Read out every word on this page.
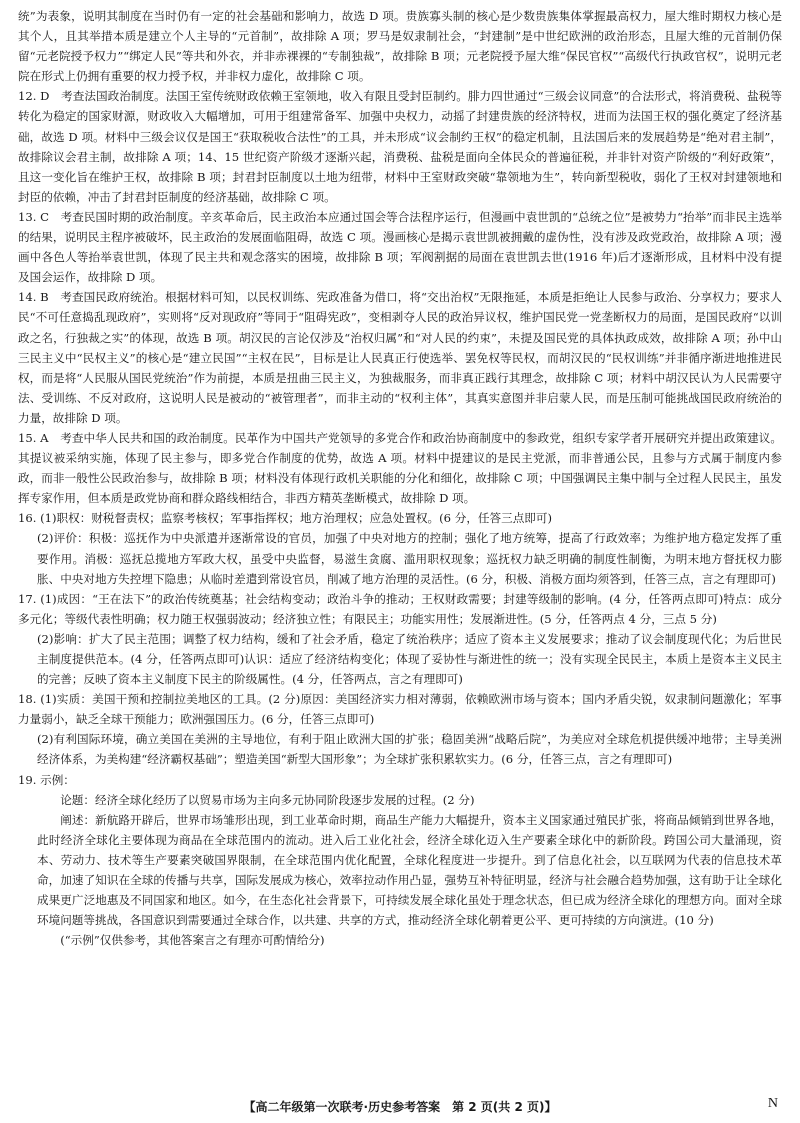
统”为表象，说明其制度在当时仍有一定的社会基础和影响力，故选 D 项。贵族寡头制的核心是少数贵族集体掌握最高权力，屋大维时期权力核心是其个人，且其举措本质是建立个人主导的“元首制”，故排除 A 项；罗马是奴隶制社会，“封建制”是中世纪欧洲的政治形态，且屋大维的元首制仍保留“元老院授予权力”“绑定人民”等共和外衣，并非赤裸裸的“专制独裁”，故排除 B 项；元老院授予屋大维“保民官权”“高级代行执政官权”，说明元老院在形式上仍拥有重要的权力授予权，并非权力虚化，故排除 C 项。

12. D　考查法国政治制度。法国王室传统财政依赖王室领地，收入有限且受封臣制约。腓力四世通过“三级会议同意”的合法形式，将消费税、盐税等转化为稳定的国家财源，财政收入大幅增加，可用于组建常备军、加强中央权力，动摇了封建贵族的经济特权，进而为法国王权的强化奠定了经济基础，故选 D 项。材料中三级会议仅是国王“获取税收合法性”的工具，并未形成“议会制约王权”的稳定机制，且法国后来的发展趋势是“绝对君主制”，故排除议会君主制，故排除 A 项；14、15 世纪资产阶级才逐渐兴起，消费税、盐税是面向全体民众的普遍征税，并非针对资产阶级的“利好政策”，且这一变化旨在维护王权，故排除 B 项；封君封臣制度以土地为纽带，材料中王室财政突破“靠领地为生”，转向新型税收，弱化了王权对封建领地和封臣的依赖，冲击了封君封臣制度的经济基础，故排除 C 项。

13. C　考查民国时期的政治制度。辛亥革命后，民主政治本应通过国会等合法程序运行，但漫画中袁世凯的“总统之位”是被势力“抬举”而非民主选举的结果，说明民主程序被破坏，民主政治的发展面临阻碍，故选 C 项。漫画核心是揭示袁世凯被拥戴的虚伪性，没有涉及政党政治，故排除 A 项；漫画中各色人等抬举袁世凯，体现了民主共和观念落实的困境，故排除 B 项；军阀割据的局面在袁世凯去世(1916 年)后才逐渐形成，且材料中没有提及国会运作，故排除 D 项。

14. B　考查国民政府统治。根据材料可知，以民权训练、宪政准备为借口，将“交出治权”无限拖延，本质是拒绝让人民参与政治、分享权力；要求人民“不可任意捣乱现政府”，实则将“反对现政府”等同于“阻碍宪政”，变相剥夺人民的政治异议权，维护国民党一党垄断权力的局面，是国民政府“以训政之名，行独裁之实”的体现，故选 B 项。胡汉民的言论仅涉及“治权归属”和“对人民的约束”，未提及国民党的具体执政成效，故排除 A 项；孙中山三民主义中“民权主义”的核心是“建立民国”“主权在民”，目标是让人民真正行使选举、罢免权等民权，而胡汉民的“民权训练”并非循序渐进地推进民权，而是将“人民服从国民党统治”作为前提，本质是扭曲三民主义，为独裁服务，而非真正践行其理念，故排除 C 项；材料中胡汉民认为人民需要守法、受训练、不反对政府，这说明人民是被动的“被管理者”，而非主动的“权利主体”，其真实意图并非启蒙人民，而是压制可能挑战国民政府统治的力量，故排除 D 项。

15. A　考查中华人民共和国的政治制度。民革作为中国共产党领导的多党合作和政治协商制度中的参政党，组织专家学者开展研究并提出政策建议。其提议被采纳实施，体现了民主参与，即多党合作制度的优势，故选 A 项。材料中提建议的是民主党派，而非普通公民，且参与方式属于制度内参政，而非一般性公民政治参与，故排除 B 项；材料没有体现行政机关职能的分化和细化，故排除 C 项；中国强调民主集中制与全过程人民民主，虽发挥专家作用，但本质是政党协商和群众路线相结合，非西方精英垄断模式，故排除 D 项。

16. (1)职权：财税督责权；监察考核权；军事指挥权；地方治理权；应急处置权。(6 分，任答三点即可)

(2)评价：积极：巡抚作为中央派遣并逐渐常设的官员，加强了中央对地方的控制；强化了地方统筹，提高了行政效率；为维护地方稳定发挥了重要作用。消极：巡抚总揽地方军政大权，虽受中央监督，易滋生贪腐、滥用职权现象；巡抚权力缺乏明确的制度性制衡，为明末地方督抚权力膨胀、中央对地方失控埋下隐患；从临时差遣到常设官员，削减了地方治理的灵活性。(6 分，积极、消极方面均须答到，任答三点，言之有理即可)

17. (1)成因：“王在法下”的政治传统奠基；社会结构变动；政治斗争的推动；王权财政需要；封建等级制的影响。(4 分，任答两点即可)特点：成分多元化；等级代表性明确；权力随王权强弱波动；经济独立性；有限民主；功能实用性；发展渐进性。(5 分，任答两点 4 分，三点 5 分)

(2)影响：扩大了民主范围；调整了权力结构，缓和了社会矛盾，稳定了统治秩序；适应了资本主义发展要求；推动了议会制度现代化；为后世民主制度提供范本。(4 分，任答两点即可)认识：适应了经济结构变化；体现了妥协性与渐进性的统一；没有实现全民民主，本质上是资本主义民主的完善；反映了资本主义制度下民主的阶级属性。(4 分，任答两点，言之有理即可)

18. (1)实质：美国干预和控制拉美地区的工具。(2 分)原因：美国经济实力相对薄弱，依赖欧洲市场与资本；国内矛盾尖锐，奴隶制问题激化；军事力量弱小，缺乏全球干预能力；欧洲强国压力。(6 分，任答三点即可)

(2)有利国际环境，确立美国在美洲的主导地位，有利于阻止欧洲大国的扩张；稳固美洲“战略后院”，为美应对全球危机提供缓冲地带；主导美洲经济体系，为美构建“经济霸权基础”；塑造美国“新型大国形象”；为全球扩张积累软实力。(6 分，任答三点，言之有理即可)

19. 示例：

论题：经济全球化经历了以贸易市场为主向多元协同阶段逐步发展的过程。(2 分)

阐述：新航路开辟后，世界市场雏形出现，到工业革命时期，商品生产能力大幅提升，资本主义国家通过殖民扩张，将商品倾销到世界各地，此时经济全球化主要体现为商品在全球范围内的流动。进入后工业化社会，经济全球化迈入生产要素全球化中的新阶段。跨国公司大量涌现，资本、劳动力、技术等生产要素突破国界限制，在全球范围内优化配置，全球化程度进一步提升。到了信息化社会，以互联网为代表的信息技术革命，加速了知识在全球的传播与共享，国际发展成为核心，效率拉动作用凸显，强势互补特征明显，经济与社会融合趋势加强，这有助于让全球化成果更广泛地惠及不同国家和地区。如今，在生态化社会背景下，可持续发展全球化虽处于理念状态，但已成为经济全球化的理想方向。面对全球环境问题等挑战，各国意识到需要通过全球合作，以共建、共享的方式，推动经济全球化朝着更公平、更可持续的方向演进。(10 分)

(“示例”仅供参考，其他答案言之有理亦可酌情给分)

【高二年级第一次联考·历史参考答案　第 2 页(共 2 页)】	N
